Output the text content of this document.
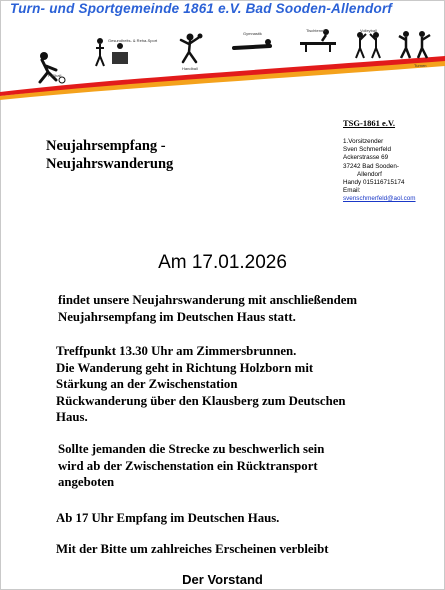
Turn- und Sportgemeinde 1861 e.V. Bad Sooden-Allendorf
Fußball
Gesundheits- & Reha-Sport
Handball
Gymnastik
Tischtennis	Volleyball
Turnen
Neujahrsempfang -
Neujahrswanderung
TSG-1861 e.V.
1.Vorsitzender
Sven Schmerfeld
Ackerstrasse 69
37242 Bad Sooden-
Allendorf
Handy 015116715174
Email:
svenschmerfeld@aol.com
Am 17.01.2026
findet unsere Neujahrswanderung mit anschließendem
Neujahrsempfang im Deutschen Haus statt.
Treffpunkt 13.30 Uhr am Zimmersbrunnen.
Die Wanderung geht in Richtung Holzborn mit
Stärkung an der Zwischenstation
Rückwanderung über den Klausberg zum Deutschen
Haus.
Sollte jemanden die Strecke zu beschwerlich sein
wird ab der Zwischenstation ein Rücktransport
angeboten
Ab 17 Uhr Empfang im Deutschen Haus.
Mit der Bitte um zahlreiches Erscheinen verbleibt
Der Vorstand
